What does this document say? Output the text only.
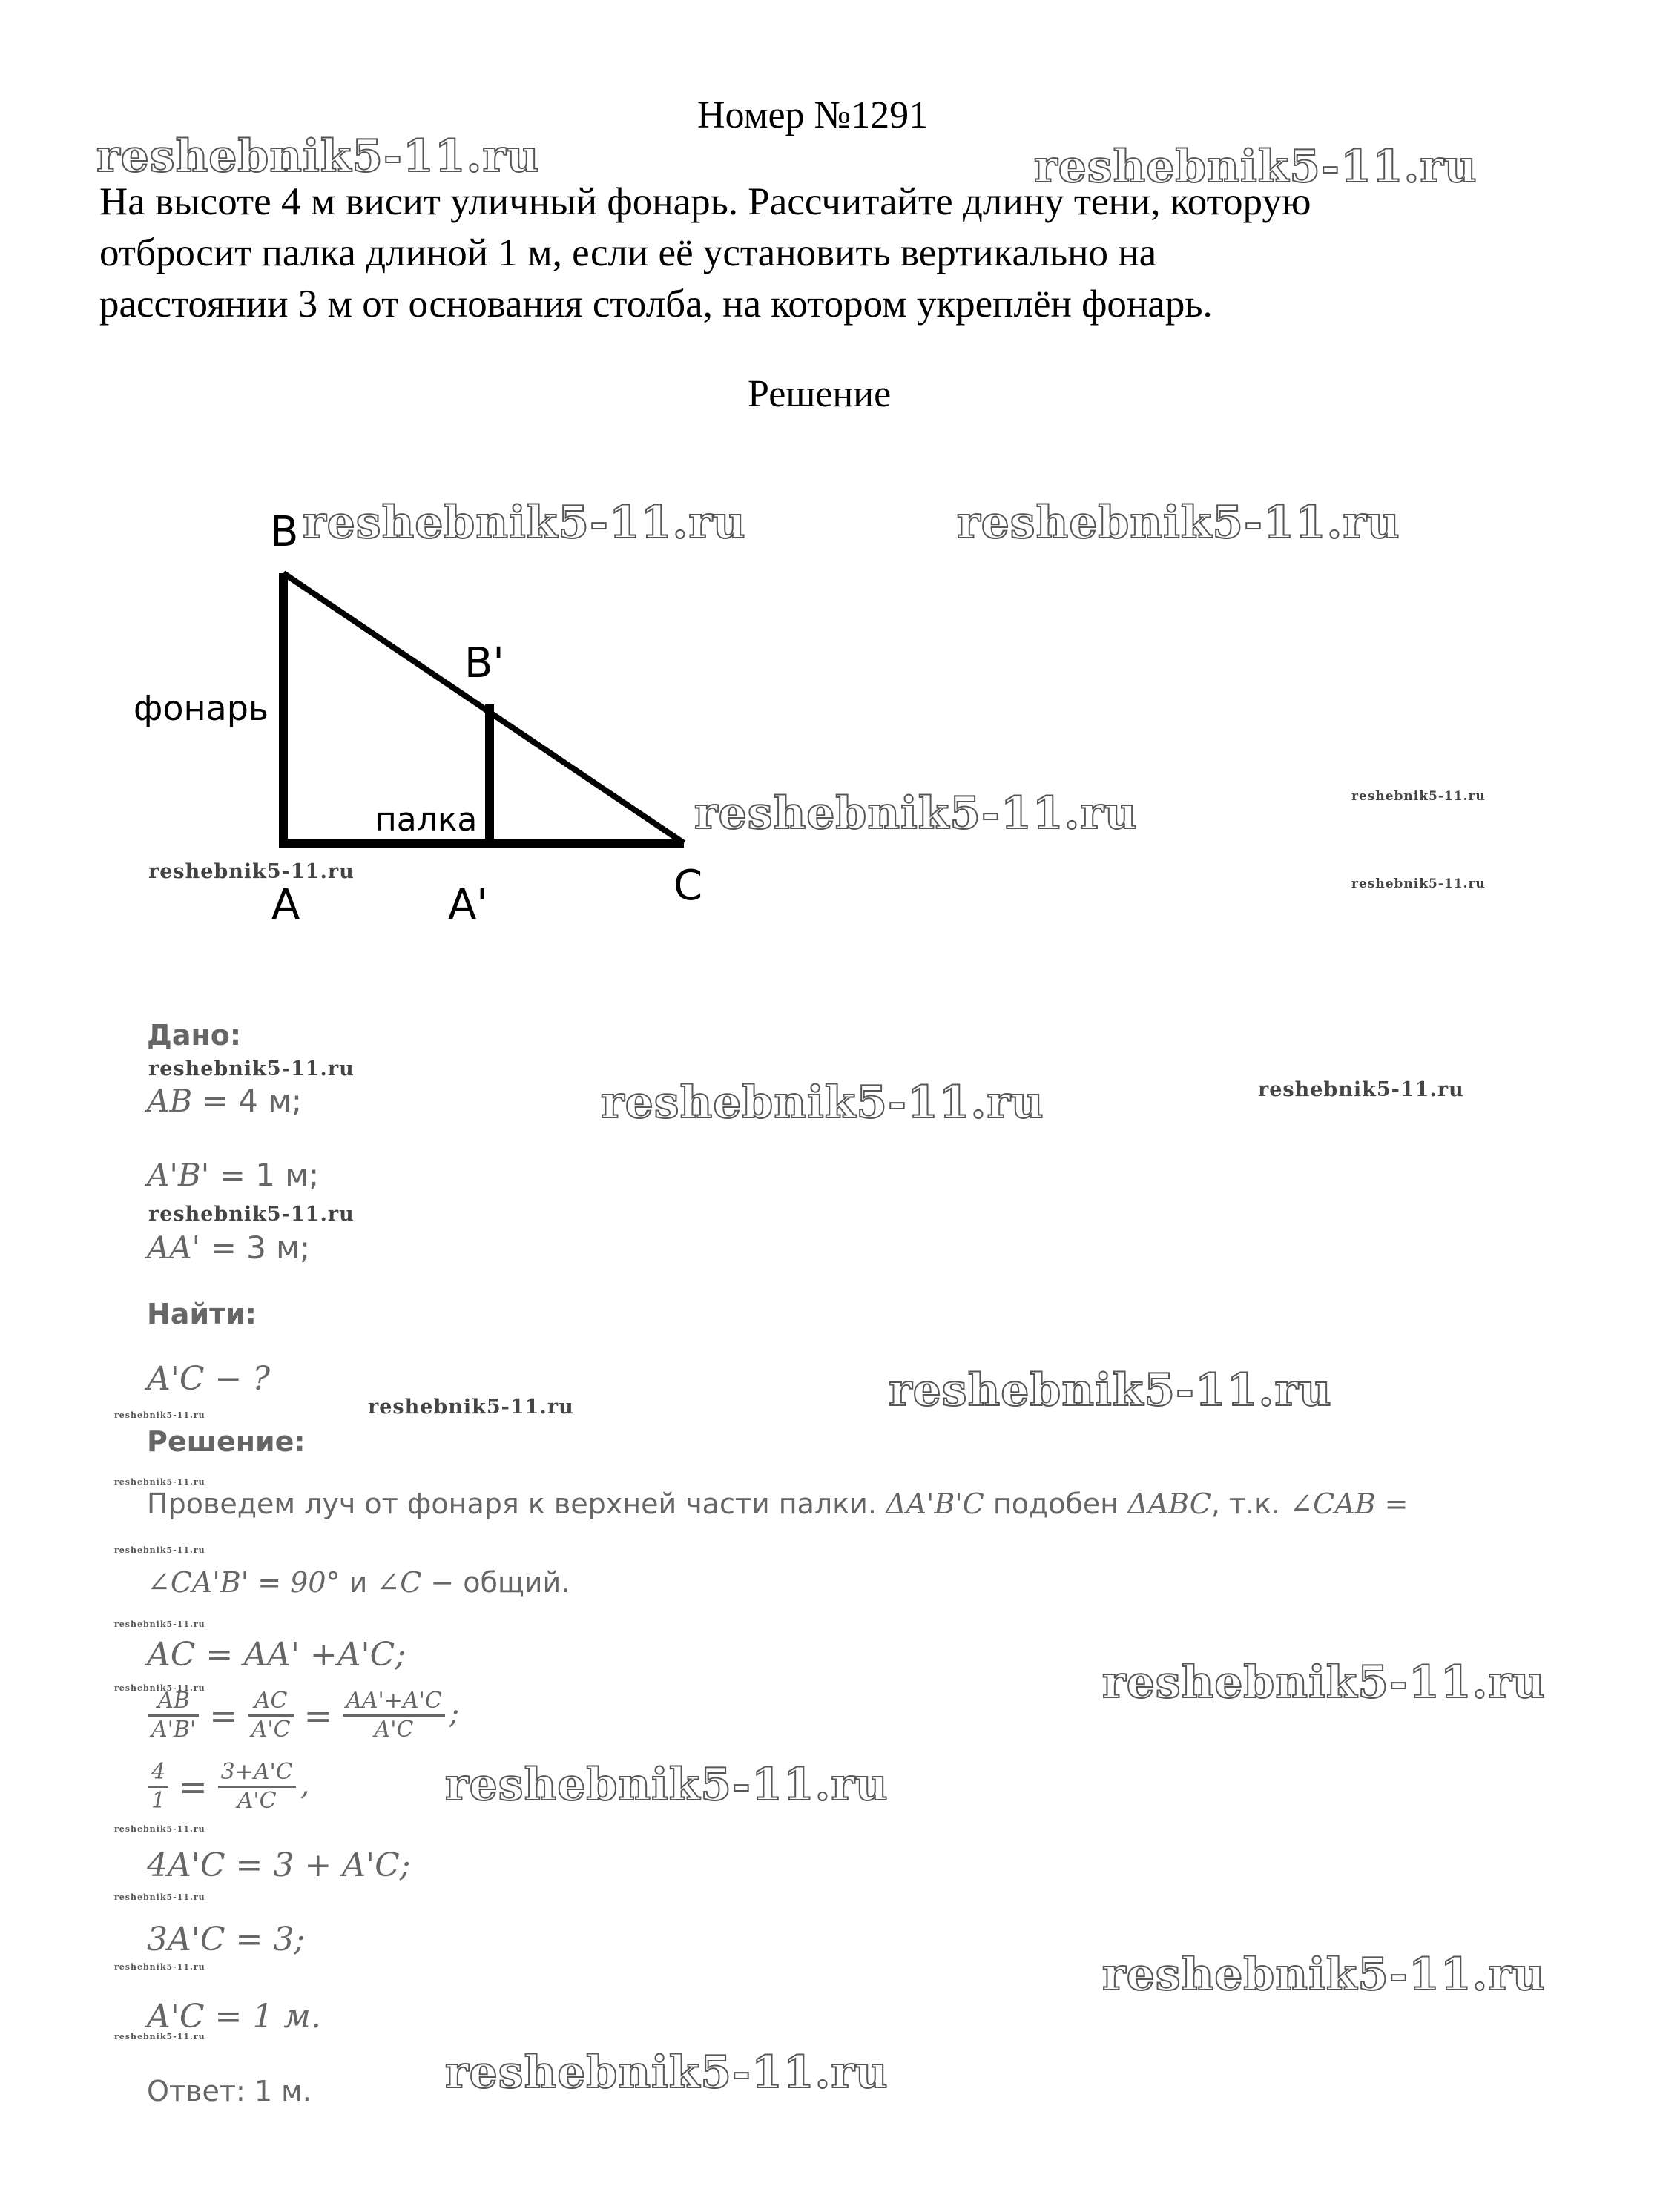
Номер №1291
На высоте 4 м висит уличный фонарь. Рассчитайте длину тени, которую
отбросит палка длиной 1 м, если её установить вертикально на
расстоянии 3 м от основания столба, на котором укреплён фонарь.
Решение
B
B'
фонарь
палка
A	A'	C
Дано:
AB = 4 м;
A'B' = 1 м;
AA' = 3 м;
Найти:
A'C − ?
Решение:
Проведем луч от фонаря к верхней части палки. ΔA'B'C подобен ΔABC, т.к. ∠CAB =
∠CA'B' = 90° и ∠C − общий.
AC = AA' +A'C;
$\frac{AB}{A'B'} = \frac{AC}{A'C} = \frac{AA'+A'C}{A'C}$ ;
$\frac{4}{1} = \frac{3+A'C}{A'C}$ ,
4A'C = 3 + A'C;
3A'C = 3;
A'C = 1 м.
Ответ: 1 м.
reshebnik5-11.ru	reshebnik5-11.ru
reshebnik5-11.ru	reshebnik5-11.ru
reshebnik5-11.ru
reshebnik5-11.ru
reshebnik5-11.ru
reshebnik5-11.ru
reshebnik5-11.ru
reshebnik5-11.ru
reshebnik5-11.ru
reshebnik5-11.ru
reshebnik5-11.ru
reshebnik5-11.ru
reshebnik5-11.ru
reshebnik5-11.ru
reshebnik5-11.ru
reshebnik5-11.ru
reshebnik5-11.ru
reshebnik5-11.ru
reshebnik5-11.ru
reshebnik5-11.ru
reshebnik5-11.ru
reshebnik5-11.ru
reshebnik5-11.ru
reshebnik5-11.ru
reshebnik5-11.ru
